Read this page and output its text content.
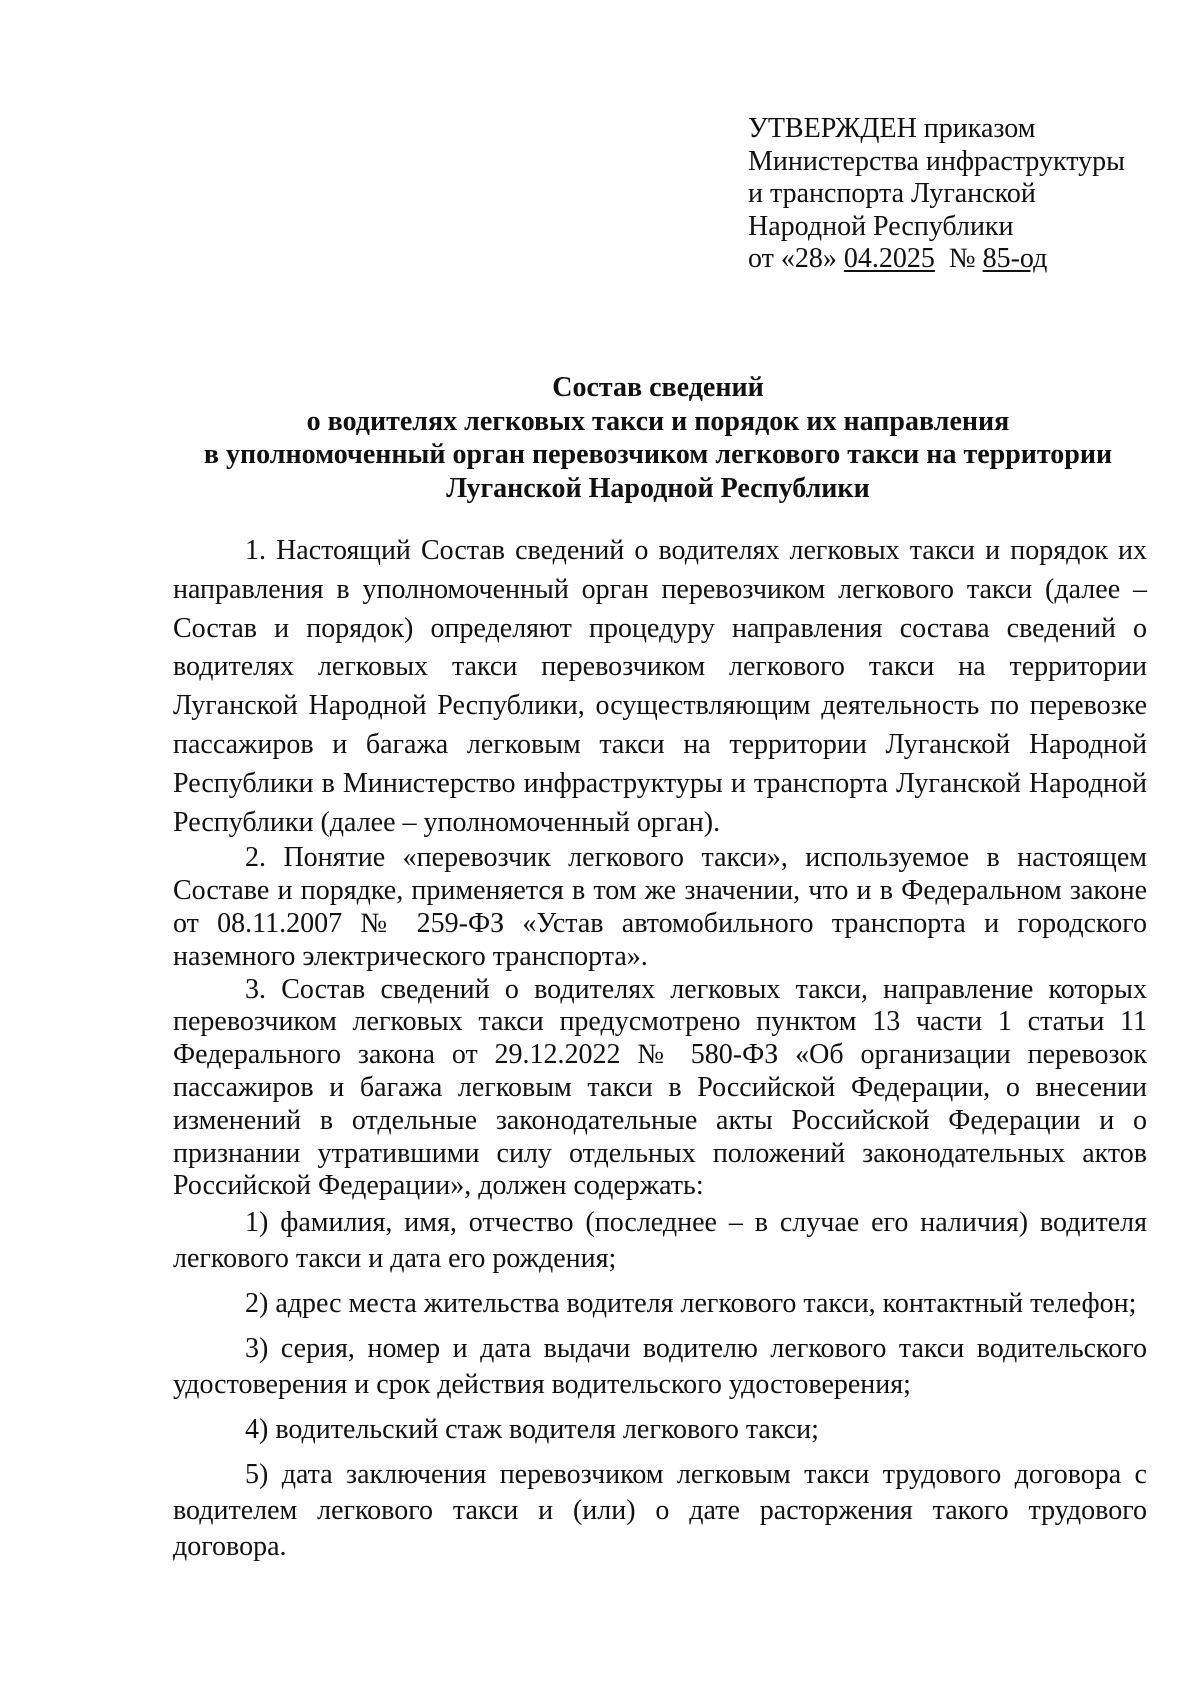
УТВЕРЖДЕН приказом
Министерства инфраструктуры
и транспорта Луганской
Народной Республики
от «28» 04.2025 № 85-од
Состав сведений
о водителях легковых такси и порядок их направления
в уполномоченный орган перевозчиком легкового такси на территории
Луганской Народной Республики

1. Настоящий Состав сведений о водителях легковых такси и порядок их направления в уполномоченный орган перевозчиком легкового такси (далее – Состав и порядок) определяют процедуру направления состава сведений о водителях легковых такси перевозчиком легкового такси на территории Луганской Народной Республики, осуществляющим деятельность по перевозке пассажиров и багажа легковым такси на территории Луганской Народной Республики в Министерство инфраструктуры и транспорта Луганской Народной Республики (далее – уполномоченный орган).

2. Понятие «перевозчик легкового такси», используемое в настоящем Составе и порядке, применяется в том же значении, что и в Федеральном законе от 08.11.2007 № 259-ФЗ «Устав автомобильного транспорта и городского наземного электрического транспорта».

3. Состав сведений о водителях легковых такси, направление которых перевозчиком легковых такси предусмотрено пунктом 13 части 1 статьи 11 Федерального закона от 29.12.2022 № 580-ФЗ «Об организации перевозок пассажиров и багажа легковым такси в Российской Федерации, о внесении изменений в отдельные законодательные акты Российской Федерации и о признании утратившими силу отдельных положений законодательных актов Российской Федерации», должен содержать:

1) фамилия, имя, отчество (последнее – в случае его наличия) водителя легкового такси и дата его рождения;

2) адрес места жительства водителя легкового такси, контактный телефон;

3) серия, номер и дата выдачи водителю легкового такси водительского удостоверения и срок действия водительского удостоверения;

4) водительский стаж водителя легкового такси;

5) дата заключения перевозчиком легковым такси трудового договора с водителем легкового такси и (или) о дате расторжения такого трудового договора.
